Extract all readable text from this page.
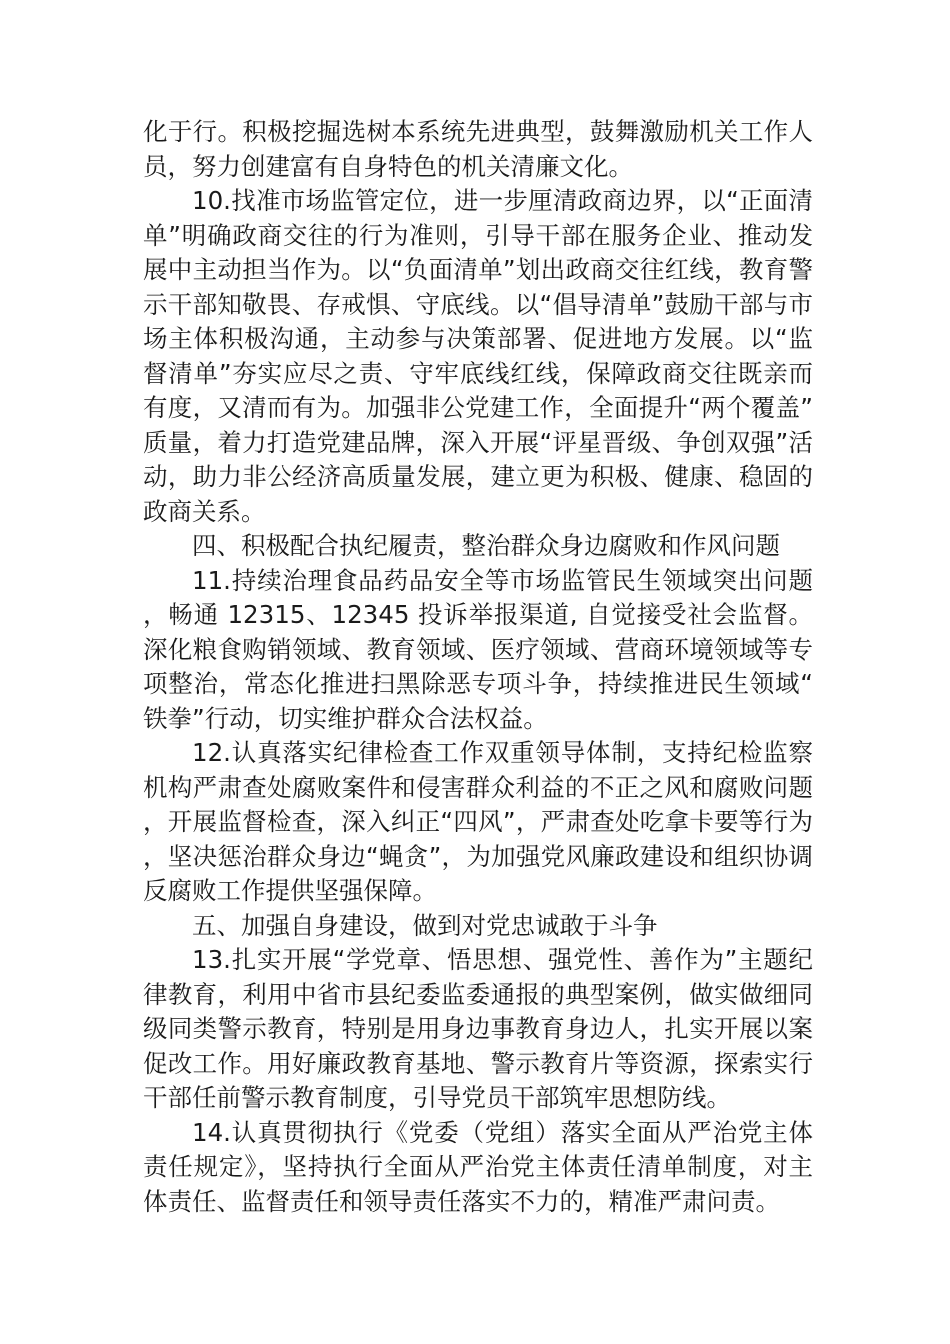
化于行。积极挖掘选树本系统先进典型，鼓舞激励机关工作人员，努力创建富有自身特色的机关清廉文化。

10.找准市场监管定位，进一步厘清政商边界，以“正面清单”明确政商交往的行为准则，引导干部在服务企业、推动发展中主动担当作为。以“负面清单”划出政商交往红线，教育警示干部知敬畏、存戒惧、守底线。以“倡导清单”鼓励干部与市场主体积极沟通，主动参与决策部署、促进地方发展。以“监督清单”夯实应尽之责、守牢底线红线，保障政商交往既亲而有度，又清而有为。加强非公党建工作，全面提升“两个覆盖”质量，着力打造党建品牌，深入开展“评星晋级、争创双强”活动，助力非公经济高质量发展，建立更为积极、健康、稳固的政商关系。

四、积极配合执纪履责，整治群众身边腐败和作风问题

11.持续治理食品药品安全等市场监管民生领域突出问题，畅通 12315、12345 投诉举报渠道, 自觉接受社会监督。深化粮食购销领域、教育领域、医疗领域、营商环境领域等专项整治，常态化推进扫黑除恶专项斗争，持续推进民生领域“铁拳”行动，切实维护群众合法权益。

12.认真落实纪律检查工作双重领导体制，支持纪检监察机构严肃查处腐败案件和侵害群众利益的不正之风和腐败问题，开展监督检查，深入纠正“四风”，严肃查处吃拿卡要等行为，坚决惩治群众身边“蝇贪”，为加强党风廉政建设和组织协调反腐败工作提供坚强保障。

五、加强自身建设，做到对党忠诚敢于斗争

13.扎实开展“学党章、悟思想、强党性、善作为”主题纪律教育，利用中省市县纪委监委通报的典型案例，做实做细同级同类警示教育，特别是用身边事教育身边人，扎实开展以案促改工作。用好廉政教育基地、警示教育片等资源，探索实行干部任前警示教育制度，引导党员干部筑牢思想防线。

14.认真贯彻执行《党委（党组）落实全面从严治党主体责任规定》，坚持执行全面从严治党主体责任清单制度，对主体责任、监督责任和领导责任落实不力的，精准严肃问责。
